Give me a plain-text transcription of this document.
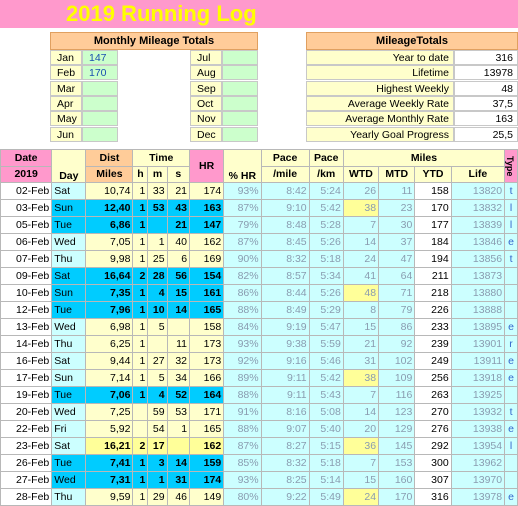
2019 Running Log
Monthly Mileage Totals
Jan	147
Feb	170
Mar
Apr
May
Jun
Jul
Aug
Sep
Oct
Nov
Dec
MileageTotals
Year to date	316
Lifetime	13978
Highest Weekly	48
Average Weekly Rate	37,5
Average Monthly Rate	163
Yearly Goal Progress	25,5
Date	Day	Dist	Time			HR	% HR	Pace	Pace	Miles				Type

2019		Miles	h	m	s			/mile	/km	WTD	MTD	YTD	Life	
02-Feb	Sat	10,74	1	33	21	174	93%	8:42	5:24	26	11	158	13820	t
03-Feb	Sun	12,40	1	53	43	163	87%	9:10	5:42	38	23	170	13832	l
05-Feb	Tue	6,86	1		21	147	79%	8:48	5:28	7	30	177	13839	l
06-Feb	Wed	7,05	1	1	40	162	87%	8:45	5:26	14	37	184	13846	e
07-Feb	Thu	9,98	1	25	6	169	90%	8:32	5:18	24	47	194	13856	t
09-Feb	Sat	16,64	2	28	56	154	82%	8:57	5:34	41	64	211	13873	
10-Feb	Sun	7,35	1	4	15	161	86%	8:44	5:26	48	71	218	13880	
12-Feb	Tue	7,96	1	10	14	165	88%	8:49	5:29	8	79	226	13888	
13-Feb	Wed	6,98	1	5		158	84%	9:19	5:47	15	86	233	13895	e
14-Feb	Thu	6,25	1		11	173	93%	9:38	5:59	21	92	239	13901	r
16-Feb	Sat	9,44	1	27	32	173	92%	9:16	5:46	31	102	249	13911	e
17-Feb	Sun	7,14	1	5	34	166	89%	9:11	5:42	38	109	256	13918	e
19-Feb	Tue	7,06	1	4	52	164	88%	9:11	5:43	7	116	263	13925	
20-Feb	Wed	7,25		59	53	171	91%	8:16	5:08	14	123	270	13932	t
22-Feb	Fri	5,92		54	1	165	88%	9:07	5:40	20	129	276	13938	e
23-Feb	Sat	16,21	2	17		162	87%	8:27	5:15	36	145	292	13954	l
26-Feb	Tue	7,41	1	3	14	159	85%	8:32	5:18	7	153	300	13962	
27-Feb	Wed	7,31	1	1	31	174	93%	8:25	5:14	15	160	307	13970	
28-Feb	Thu	9,59	1	29	46	149	80%	9:22	5:49	24	170	316	13978	e
